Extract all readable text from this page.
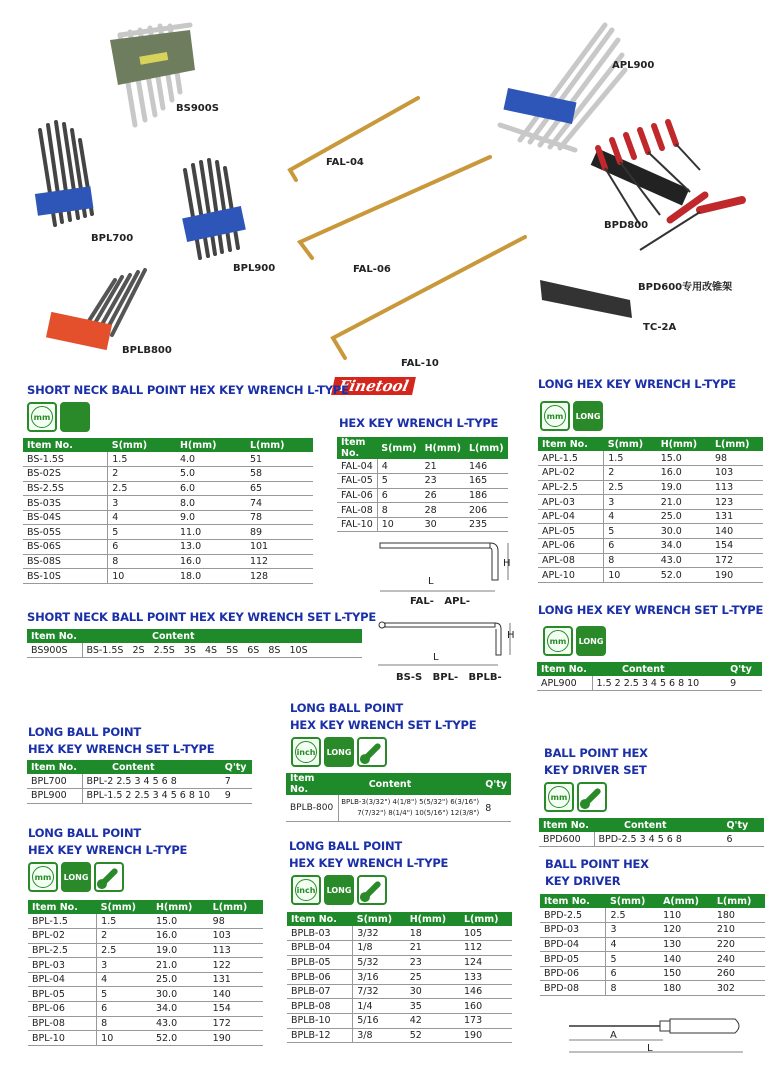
BS900S
BPL700
BPL900
BPLB800
FAL-04
FAL-06
FAL-10
APL900
BPD800
BPD600专用改锥架
TC-2A
Finetool
SHORT NECK BALL POINT HEX KEY WRENCH L-TYPE
mm
Item No.	S(mm)	H(mm)	L(mm)
BS-1.5S	1.5	4.0	51
BS-02S	2	5.0	58
BS-2.5S	2.5	6.0	65
BS-03S	3	8.0	74
BS-04S	4	9.0	78
BS-05S	5	11.0	89
BS-06S	6	13.0	101
BS-08S	8	16.0	112
BS-10S	10	18.0	128
HEX KEY WRENCH L-TYPE
Item No.	S(mm)	H(mm)	L(mm)
FAL-04	4	21	146
FAL-05	5	23	165
FAL-06	6	26	186
FAL-08	8	28	206
FAL-10	10	30	235
LONG HEX KEY WRENCH L-TYPE
mm	LONG
Item No.	S(mm)	H(mm)	L(mm)
APL-1.5	1.5	15.0	98
APL-02	2	16.0	103
APL-2.5	2.5	19.0	113
APL-03	3	21.0	123
APL-04	4	25.0	131
APL-05	5	30.0	140
APL-06	6	34.0	154
APL-08	8	43.0	172
APL-10	10	52.0	190
L
H
FAL-   APL-
L
H
BS-S   BPL-   BPLB-
SHORT NECK BALL POINT HEX KEY WRENCH SET L-TYPE
Item No.	Content
BS900S	BS-1.5S   2S   2.5S   3S   4S   5S   6S   8S   10S
LONG HEX KEY WRENCH SET L-TYPE
mm	LONG
Item No.	Content	Q'ty
APL900	1.5 2 2.5 3 4 5 6 8 10	9
LONG BALL POINT
HEX KEY WRENCH SET L-TYPE
Item No.	Content	Q'ty
BPL700	BPL-2 2.5 3 4 5 6 8	7
BPL900	BPL-1.5 2 2.5 3 4 5 6 8 10	9
LONG BALL POINT
HEX KEY WRENCH SET L-TYPE
inch	LONG
Item No.	Content	Q'ty
BPLB-800	BPLB-3(3/32") 4(1/8") 5(5/32") 6(3/16")
7(7/32") 8(1/4") 10(5/16") 12(3/8")	8
BALL POINT HEX
KEY DRIVER SET
mm
Item No.	Content	Q'ty
BPD600	BPD-2.5 3 4 5 6 8	6
LONG BALL POINT
HEX KEY WRENCH L-TYPE
mm	LONG
Item No.	S(mm)	H(mm)	L(mm)
BPL-1.5	1.5	15.0	98
BPL-02	2	16.0	103
BPL-2.5	2.5	19.0	113
BPL-03	3	21.0	122
BPL-04	4	25.0	131
BPL-05	5	30.0	140
BPL-06	6	34.0	154
BPL-08	8	43.0	172
BPL-10	10	52.0	190
LONG BALL POINT
HEX KEY WRENCH L-TYPE
inch	LONG
Item No.	S(mm)	H(mm)	L(mm)
BPLB-03	3/32	18	105
BPLB-04	1/8	21	112
BPLB-05	5/32	23	124
BPLB-06	3/16	25	133
BPLB-07	7/32	30	146
BPLB-08	1/4	35	160
BPLB-10	5/16	42	173
BPLB-12	3/8	52	190
BALL POINT HEX
KEY DRIVER
Item No.	S(mm)	A(mm)	L(mm)
BPD-2.5	2.5	110	180
BPD-03	3	120	210
BPD-04	4	130	220
BPD-05	5	140	240
BPD-06	6	150	260
BPD-08	8	180	302
A
L
